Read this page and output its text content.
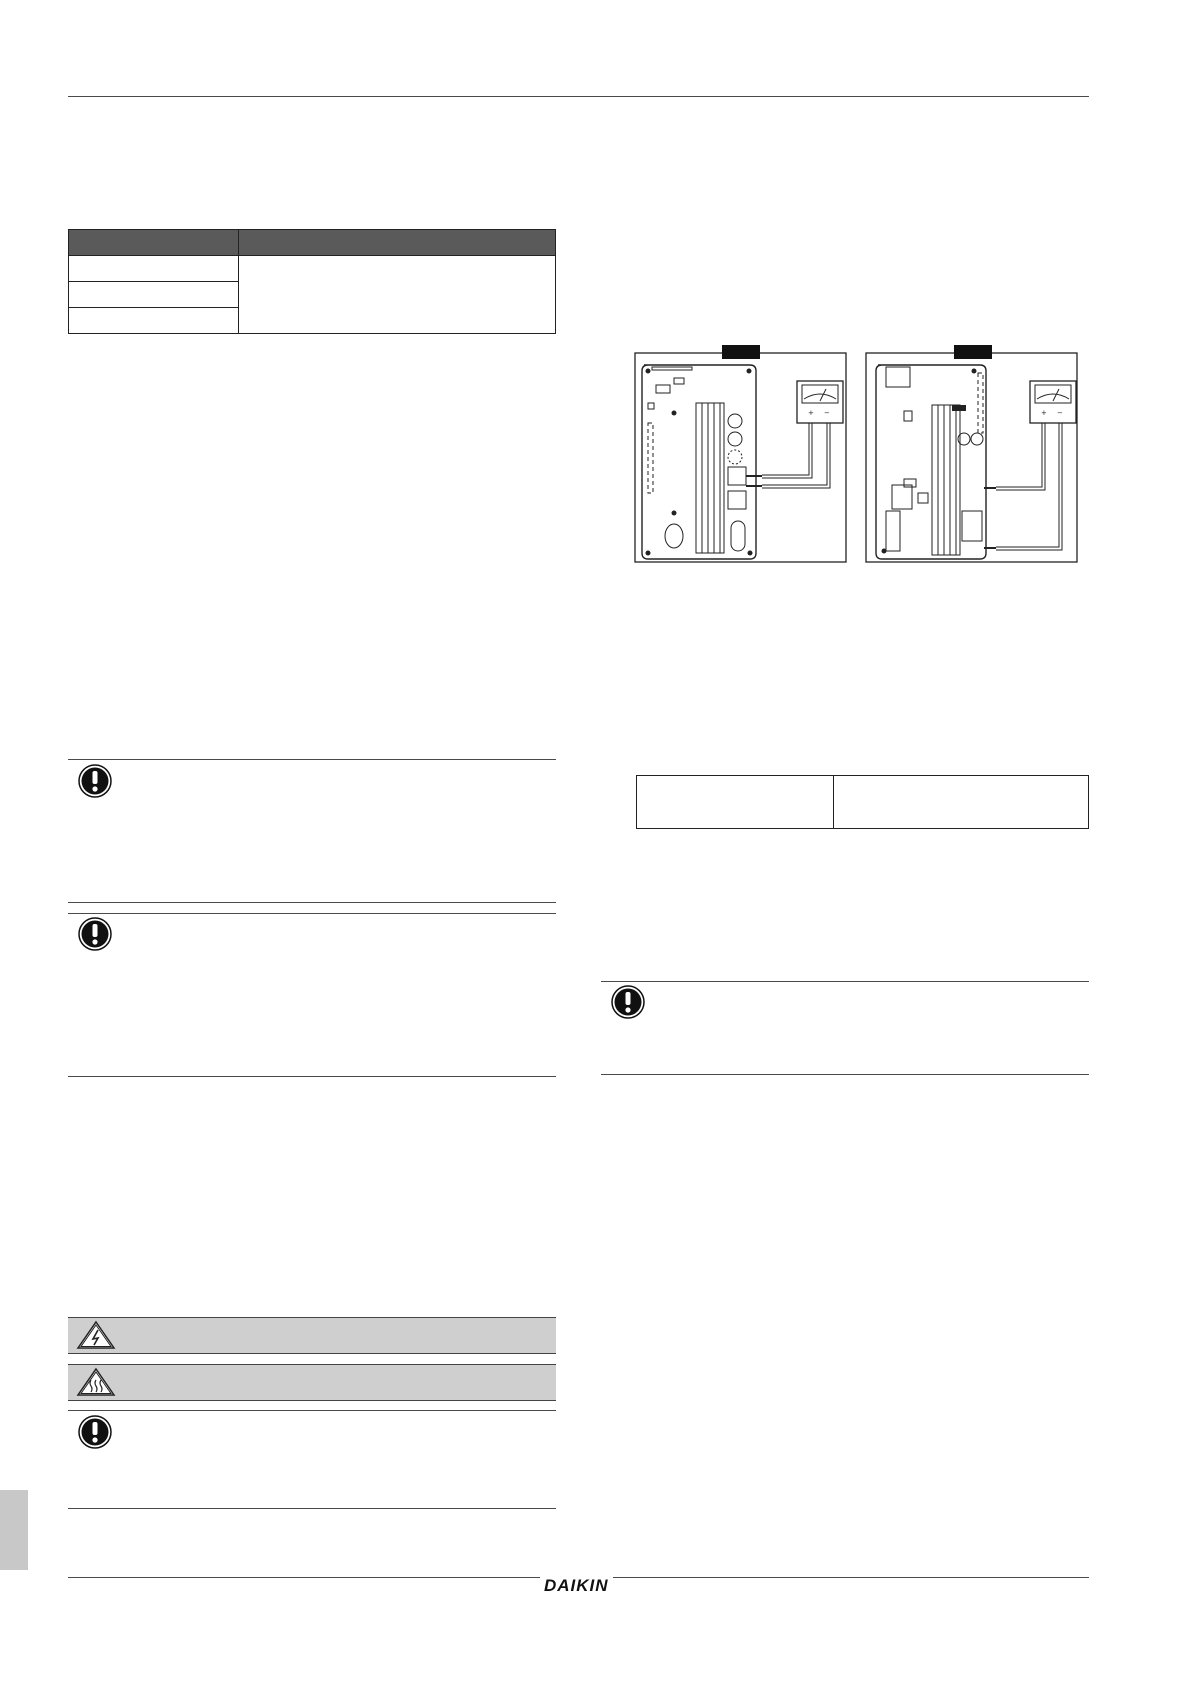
+ −	+ −

DAIKIN
